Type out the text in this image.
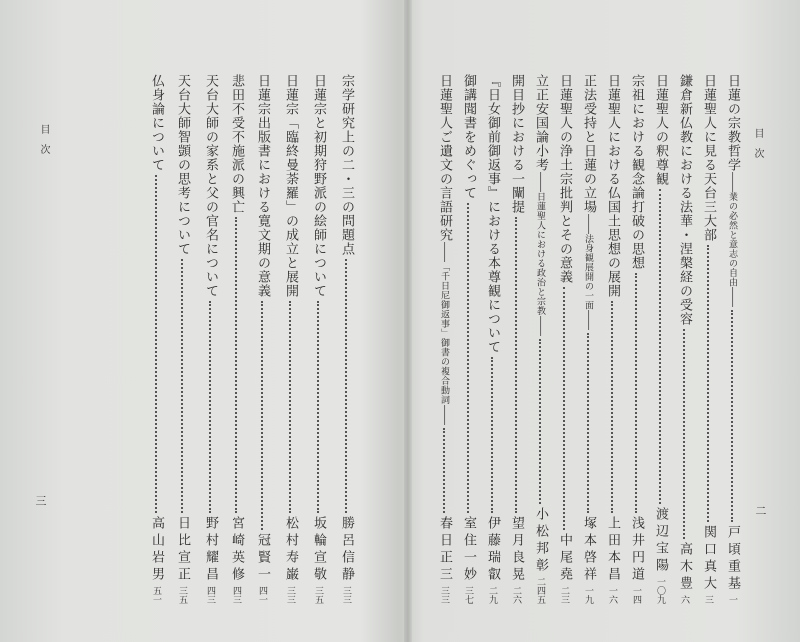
目次
三
宗学研究上の二・三の問題点
勝呂信静
三三
日蓮宗と初期狩野派の絵師について
坂輪宣敬
三五
日蓮宗「臨終曼荼羅」の成立と展開
松村寿巌
三三
日蓮宗出版書における寛文期の意義
冠賢一
四一
悲田不受不施派の興亡
宮崎英修
四三
天台大師の家系と父の官名について
野村耀昌
四三
天台大師智顗の思考について
日比宣正
三五
仏身論について
高山岩男
五一
目次
二
日蓮の宗教哲学
――
業の必然と意志の自由
――
戸頃重基
一
日蓮聖人に見る天台三大部
関口真大
三
鎌倉新仏教における法華・涅槃経の受容
高木豊
六
日蓮聖人の釈尊観
渡辺宝陽
一〇九
宗祖における観念論打破の思想
浅井円道
一四
日蓮聖人における仏国土思想の展開
上田本昌
一六
正法受持と日蓮の立場
――
法身観展開の一面
――
塚本啓祥
一九
日蓮聖人の浄土宗批判とその意義
中尾堯
二三
立正安国論小考
――
日蓮聖人における政治と宗教
――
小松邦彰
二四五
開目抄における一闡提
望月良晃
二六
『日女御前御返事』における本尊観について
伊藤瑞叡
二九
御講聞書をめぐって
室住一妙
三七
日蓮聖人ご遺文の言語研究
――
「千日尼御返事」御書の複合動詞
――
春日正三
三三
